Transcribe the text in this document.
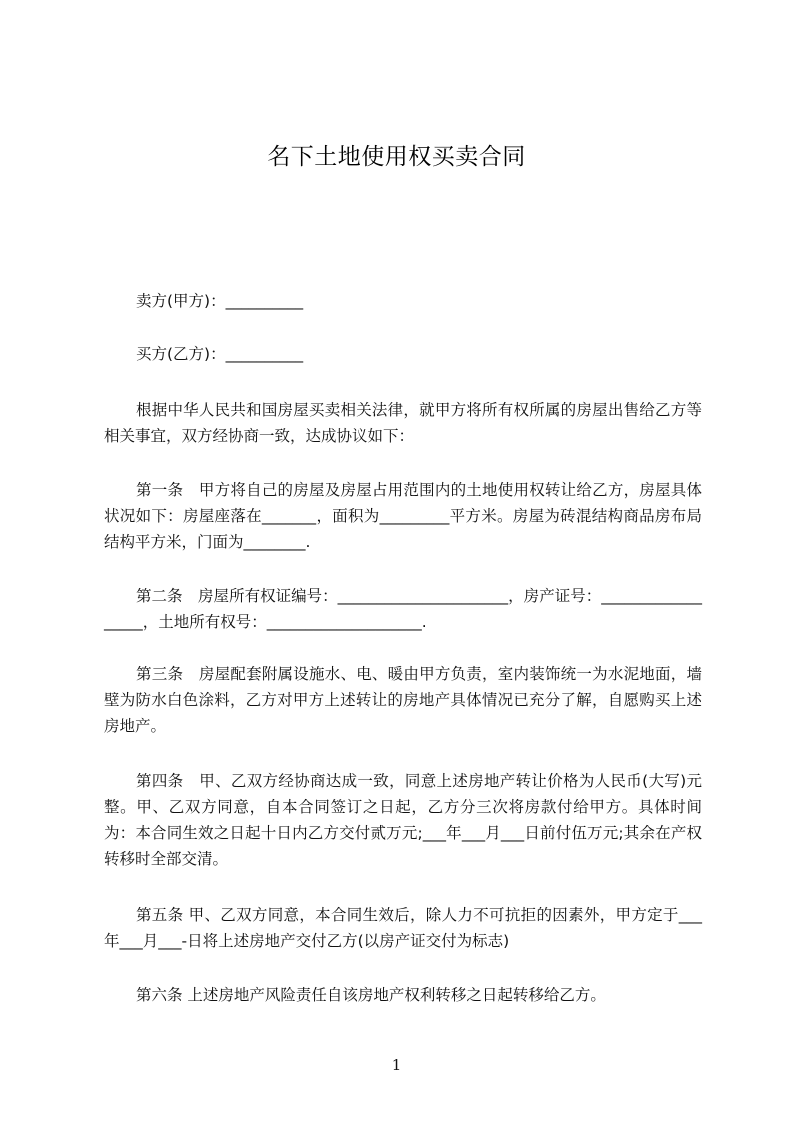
名下土地使用权买卖合同
卖方(甲方)：__________
买方(乙方)：__________
根据中华人民共和国房屋买卖相关法律，就甲方将所有权所属的房屋出售给乙方等相关事宜，双方经协商一致，达成协议如下：
第一条　甲方将自己的房屋及房屋占用范围内的土地使用权转让给乙方，房屋具体状况如下：房屋座落在_______，面积为_________平方米。房屋为砖混结构商品房布局结构平方米，门面为________.
第二条　房屋所有权证编号：______________________，房产证号：__________________，土地所有权号：____________________.
第三条　房屋配套附属设施水、电、暖由甲方负责，室内装饰统一为水泥地面，墙壁为防水白色涂料，乙方对甲方上述转让的房地产具体情况已充分了解，自愿购买上述房地产。
第四条　甲、乙双方经协商达成一致，同意上述房地产转让价格为人民币(大写)元整。甲、乙双方同意，自本合同签订之日起，乙方分三次将房款付给甲方。具体时间为：本合同生效之日起十日内乙方交付贰万元;___年___月___日前付伍万元;其余在产权转移时全部交清。
第五条 甲、乙双方同意，本合同生效后，除人力不可抗拒的因素外，甲方定于___年___月___-日将上述房地产交付乙方(以房产证交付为标志)
第六条 上述房地产风险责任自该房地产权利转移之日起转移给乙方。
1
